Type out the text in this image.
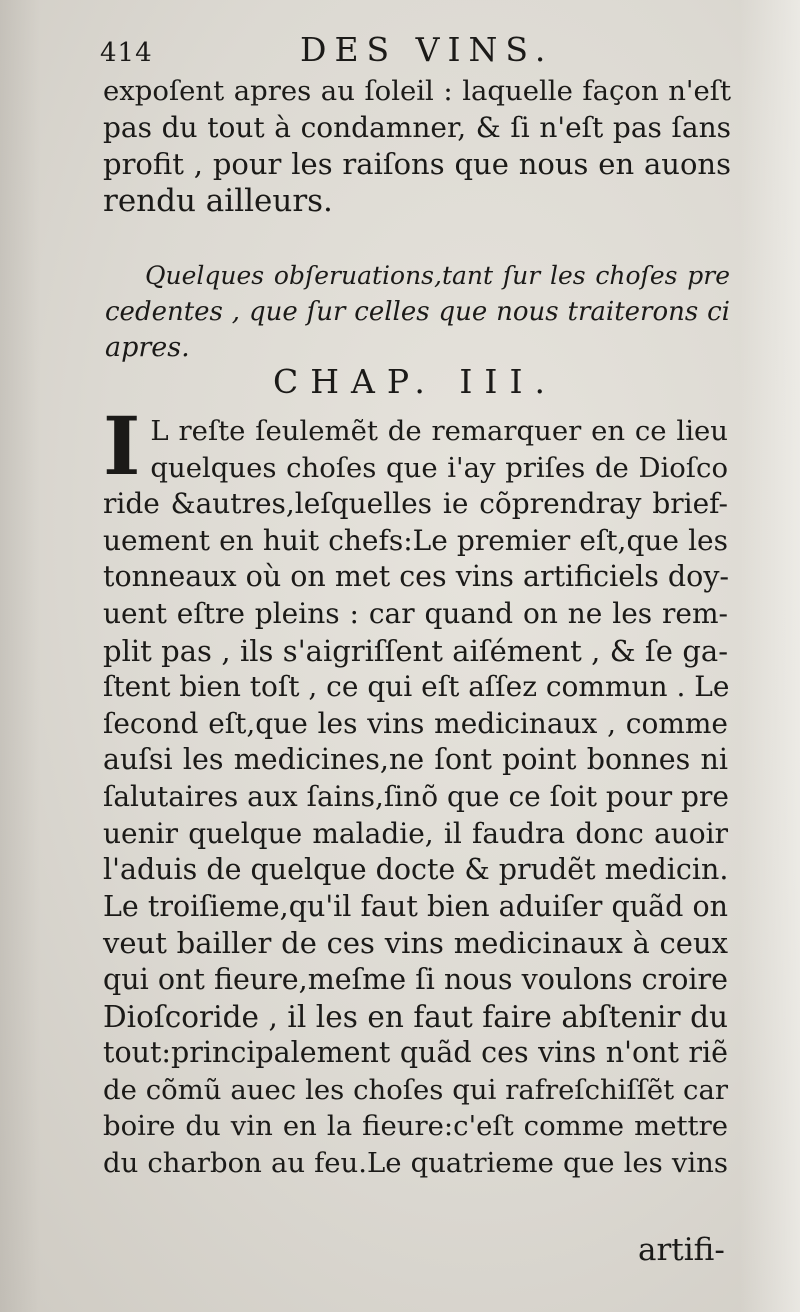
414	DES VINS.
expoſent apres au ſoleil : laquelle façon n'eſt
pas du tout à condamner, & ſi n'eſt pas ſans
profit , pour les raiſons que nous en auons
rendu ailleurs.
Quelques obſeruations,tant ſur les choſes pre
cedentes , que ſur celles que nous traiterons ci
apres.
CHAP. III.
I L reſte ſeulemẽt de remarquer en ce lieu
quelques choſes que i'ay priſes de Dioſco
ride &autres,leſquelles ie cõprendray brief-
uement en huit chefs:Le premier eſt,que les
tonneaux où on met ces vins artificiels doy-
uent eſtre pleins : car quand on ne les rem-
plit pas , ils s'aigriſſent aiſément , & ſe ga-
ſtent bien toſt , ce qui eſt aſſez commun . Le
ſecond eſt,que les vins medicinaux , comme
auſsi les medicines,ne ſont point bonnes ni
ſalutaires aux ſains,ſinõ que ce ſoit pour pre
uenir quelque maladie, il faudra donc auoir
l'aduis de quelque docte & prudẽt medicin.
Le troiſieme,qu'il faut bien aduiſer quãd on
veut bailler de ces vins medicinaux à ceux
qui ont fieure,meſme ſi nous voulons croire
Dioſcoride , il les en faut faire abſtenir du
tout:principalement quãd ces vins n'ont riẽ
de cõmũ auec les choſes qui rafreſchiſſẽt car
boire du vin en la fieure:c'eſt comme mettre
du charbon au feu.Le quatrieme que les vins
artifi-
